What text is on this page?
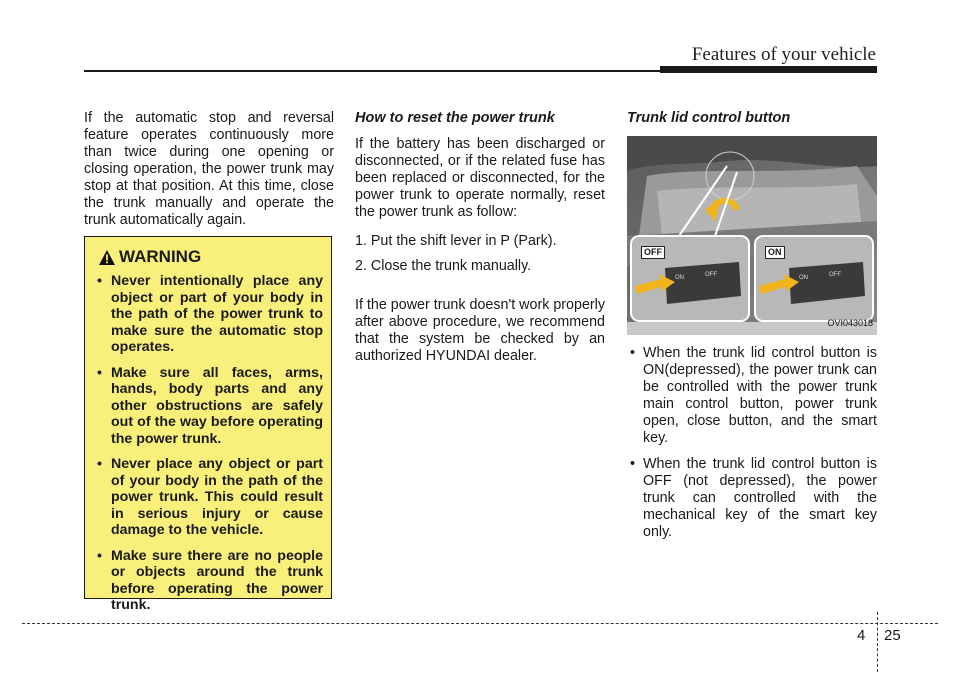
Features of your vehicle

If the automatic stop and reversal feature operates continuously more than twice during one opening or closing operation, the power trunk may stop at that position. At this time, close the trunk manually and operate the trunk automatically again.

WARNING
• Never intentionally place any object or part of your body in the path of the power trunk to make sure the automatic stop operates.
• Make sure all faces, arms, hands, body parts and any other obstructions are safely out of the way before operating the power trunk.
• Never place any object or part of your body in the path of the power trunk. This could result in serious injury or cause damage to the vehicle.
• Make sure there are no people or objects around the trunk before operating the power trunk.
How to reset the power trunk

If the battery has been discharged or disconnected, or if the related fuse has been replaced or disconnected, for the power trunk to operate normally, reset the power trunk as follow:

1. Put the shift lever in P (Park).
2. Close the trunk manually.

If the power trunk doesn't work properly after above procedure, we recommend that the system be checked by an authorized HYUNDAI dealer.

Trunk lid control button
OFF	ON
ON	OFF	ON	OFF
OVI043018
• When the trunk lid control button is ON(depressed), the power trunk can be controlled with the power trunk main control button, power trunk open, close button, and the smart key.
• When the trunk lid control button is OFF (not depressed), the power trunk can controlled with the mechanical key of the smart key only.
4 25
